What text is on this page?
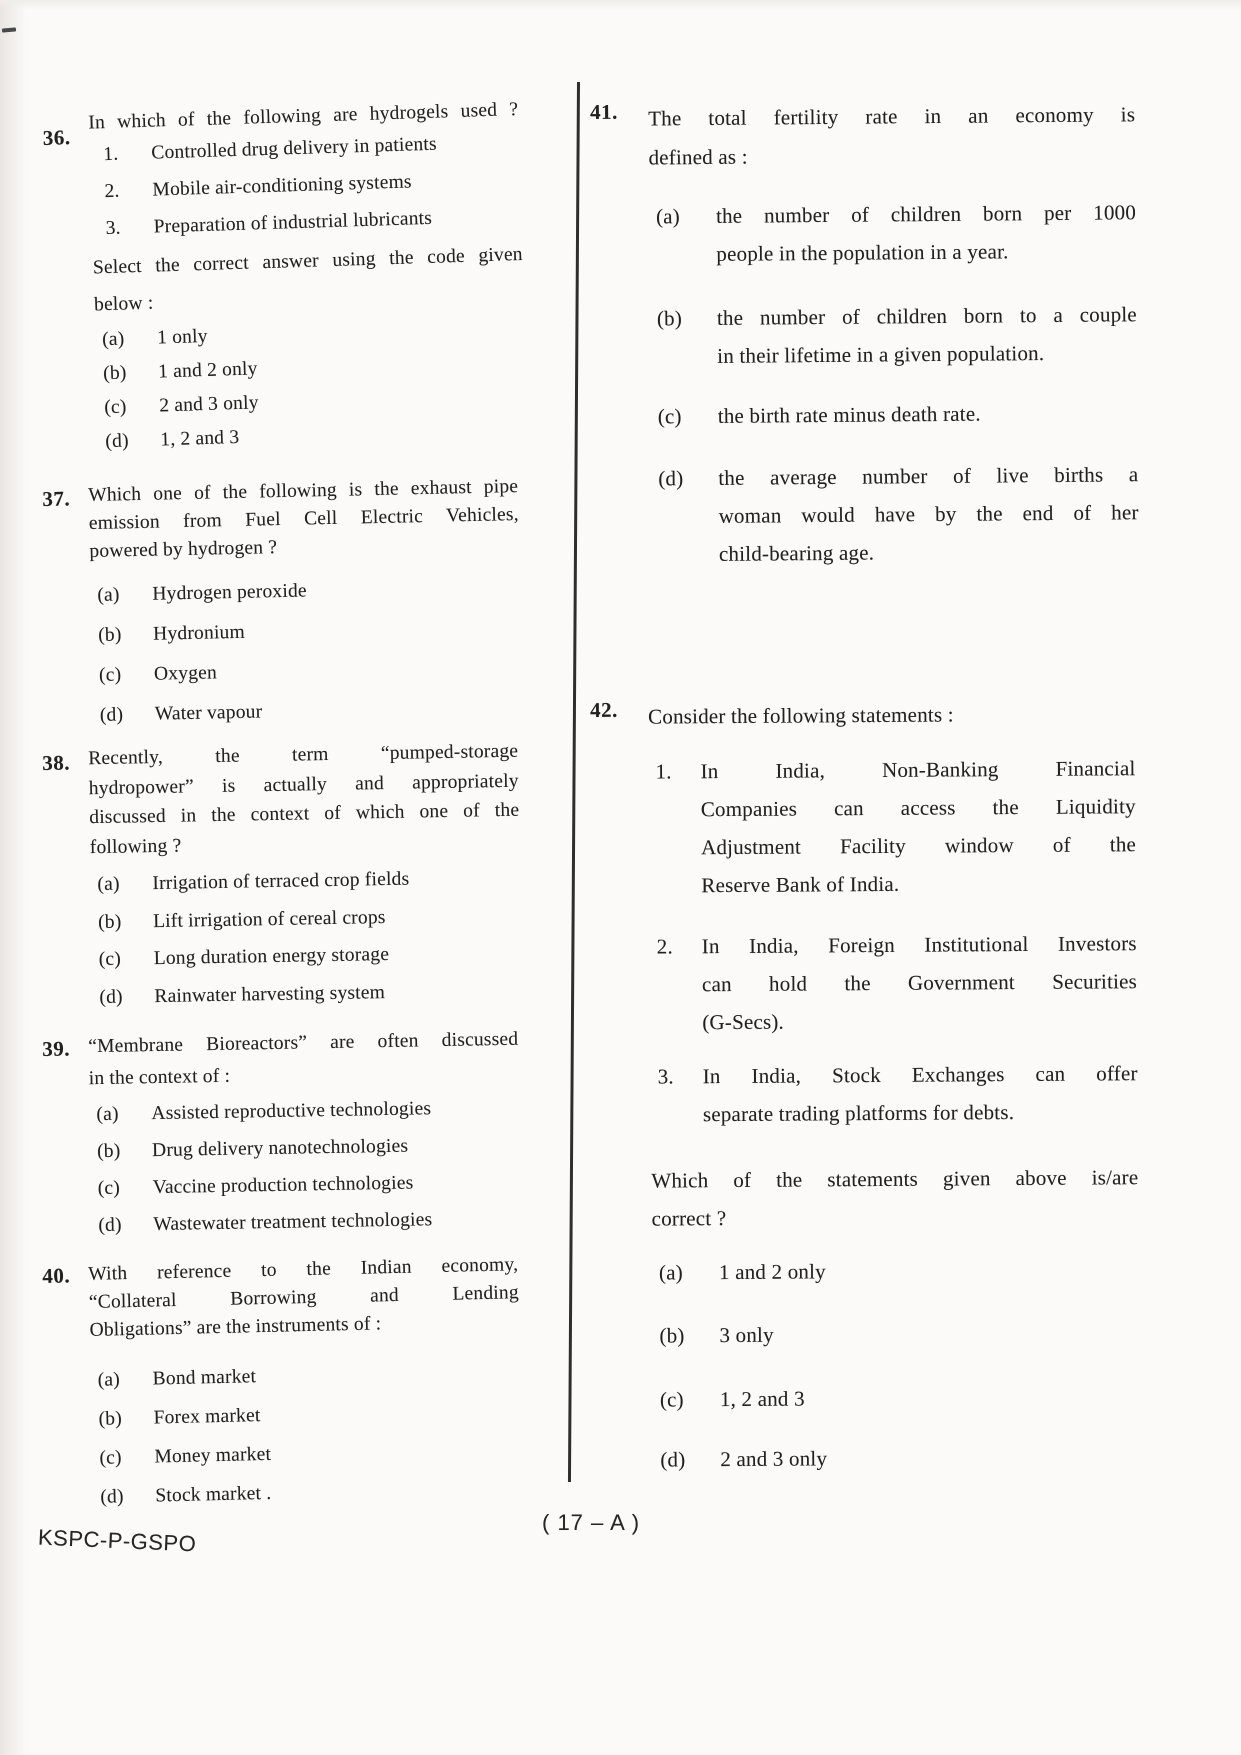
36.
In which of the following are hydrogels used ?
1.	Controlled drug delivery in patients
2.	Mobile air-conditioning systems
3.	Preparation of industrial lubricants
Select the correct answer using the code given
below :
(a)	1 only
(b)	1 and 2 only
(c)	2 and 3 only
(d)	1, 2 and 3
37. Which one of the following is the exhaust pipe
emission from Fuel Cell Electric Vehicles,
powered by hydrogen ?
(a)	Hydrogen peroxide
(b)	Hydronium
(c)	Oxygen
(d)	Water vapour
38. Recently, the term “pumped-storage
hydropower” is actually and appropriately
discussed in the context of which one of the
following ?
(a)	Irrigation of terraced crop fields
(b)	Lift irrigation of cereal crops
(c)	Long duration energy storage
(d)	Rainwater harvesting system
39. “Membrane Bioreactors” are often discussed
in the context of :
(a)	Assisted reproductive technologies
(b)	Drug delivery nanotechnologies
(c)	Vaccine production technologies
(d)	Wastewater treatment technologies
40. With reference to the Indian economy,
“Collateral Borrowing and Lending
Obligations” are the instruments of :
(a)	Bond market
(b)	Forex market
(c)	Money market
(d)	Stock market .
41.	The total fertility rate in an economy is
defined as :
(a)	the number of children born per 1000
people in the population in a year.
(b)	the number of children born to a couple
in their lifetime in a given population.
(c)	the birth rate minus death rate.
(d)	the average number of live births a
woman would have by the end of her
child-bearing age.
42.	Consider the following statements :
1.	In India, Non-Banking Financial
Companies can access the Liquidity
Adjustment Facility window of the
Reserve Bank of India.
2.	In India, Foreign Institutional Investors
can hold the Government Securities
(G-Secs).
3.	In India, Stock Exchanges can offer
separate trading platforms for debts.
Which of the statements given above is/are
correct ?
(a)	1 and 2 only
(b)	3 only
(c)	1, 2 and 3
(d)	2 and 3 only
KSPC-P-GSPO
( 17 – A )
